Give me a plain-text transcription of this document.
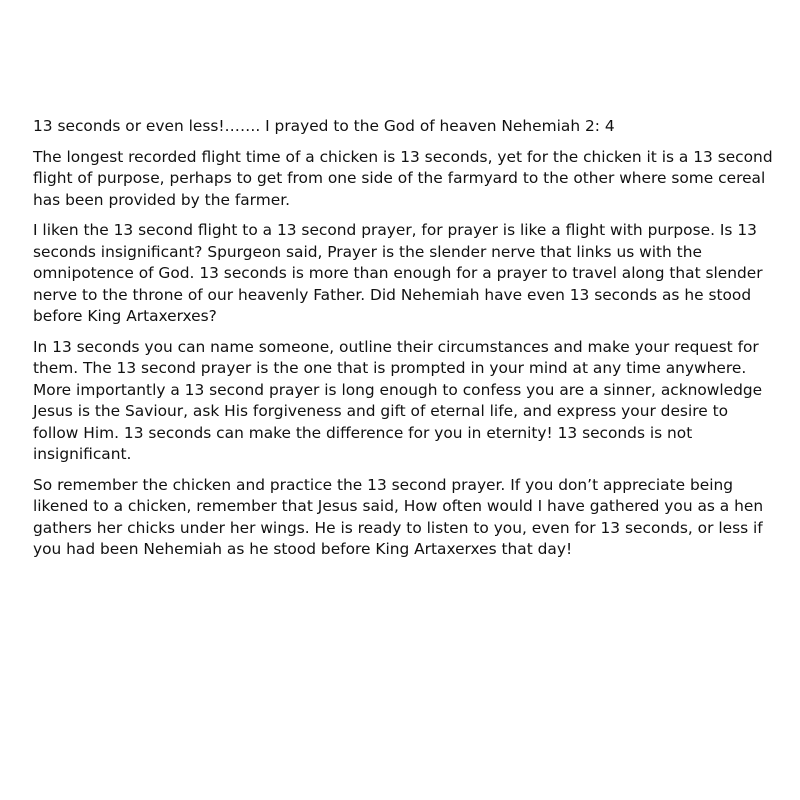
13 seconds or even less!……. I prayed to the God of heaven Nehemiah 2: 4

The longest recorded flight time of a chicken is 13 seconds, yet for the chicken it is a 13 second flight of purpose, perhaps to get from one side of the farmyard to the other where some cereal has been provided by the farmer.

I liken the 13 second flight to a 13 second prayer, for prayer is like a flight with purpose. Is 13 seconds insignificant? Spurgeon said, Prayer is the slender nerve that links us with the omnipotence of God. 13 seconds is more than enough for a prayer to travel along that slender nerve to the throne of our heavenly Father. Did Nehemiah have even 13 seconds as he stood before King Artaxerxes?

In 13 seconds you can name someone, outline their circumstances and make your request for them. The 13 second prayer is the one that is prompted in your mind at any time anywhere. More importantly a 13 second prayer is long enough to confess you are a sinner, acknowledge Jesus is the Saviour, ask His forgiveness and gift of eternal life, and express your desire to follow Him. 13 seconds can make the difference for you in eternity! 13 seconds is not insignificant.

So remember the chicken and practice the 13 second prayer. If you don’t appreciate being likened to a chicken, remember that Jesus said, How often would I have gathered you as a hen gathers her chicks under her wings. He is ready to listen to you, even for 13 seconds, or less if you had been Nehemiah as he stood before King Artaxerxes that day!
